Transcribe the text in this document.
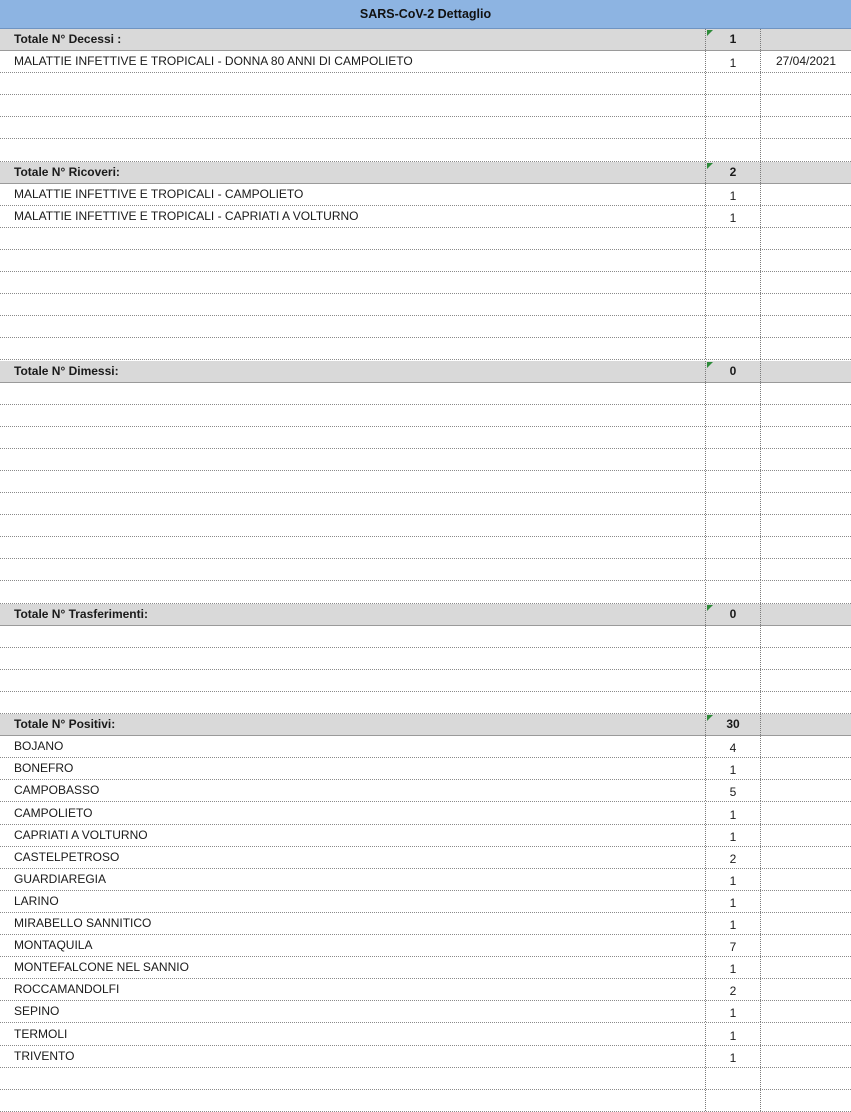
SARS-CoV-2 Dettaglio
Totale N° Decessi :	1
MALATTIE INFETTIVE E TROPICALI - DONNA 80 ANNI DI CAMPOLIETO	1	27/04/2021
Totale N° Ricoveri:	2
MALATTIE INFETTIVE E TROPICALI - CAMPOLIETO	1
MALATTIE INFETTIVE E TROPICALI - CAPRIATI A VOLTURNO	1
Totale N° Dimessi:	0
Totale N° Trasferimenti:	0
Totale N° Positivi:	30
BOJANO	4
BONEFRO	1
CAMPOBASSO	5
CAMPOLIETO	1
CAPRIATI A VOLTURNO	1
CASTELPETROSO	2
GUARDIAREGIA	1
LARINO	1
MIRABELLO SANNITICO	1
MONTAQUILA	7
MONTEFALCONE NEL SANNIO	1
ROCCAMANDOLFI	2
SEPINO	1
TERMOLI	1
TRIVENTO	1
